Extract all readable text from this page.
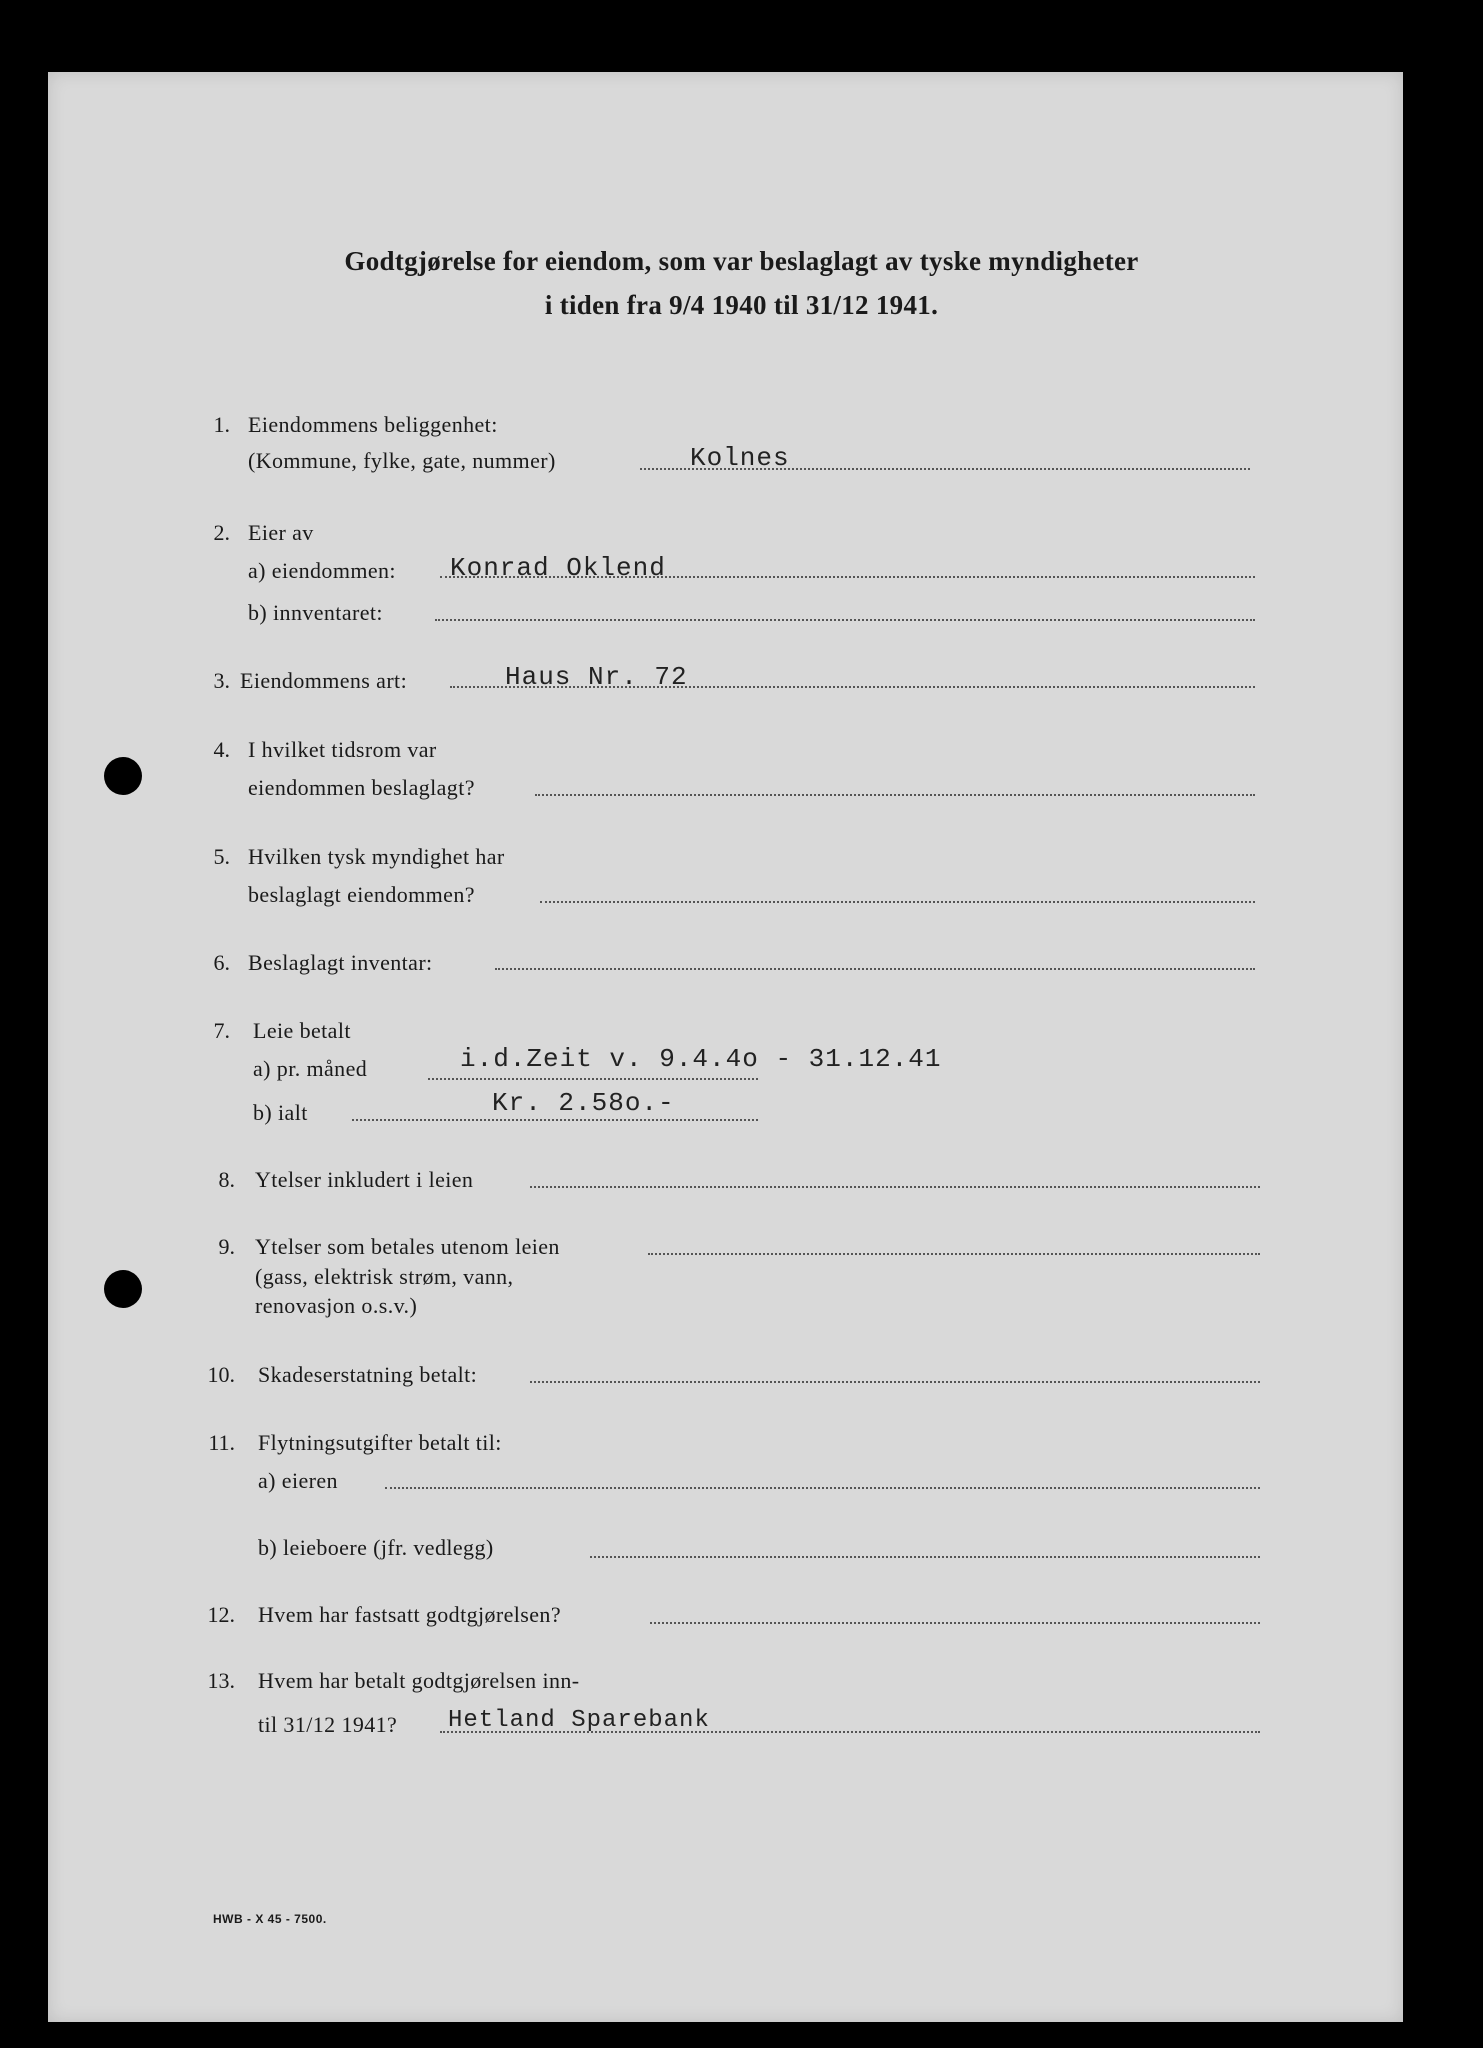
Godtgjørelse for eiendom, som var beslaglagt av tyske myndigheter
i tiden fra 9/4 1940 til 31/12 1941.
1. Eiendommens beliggenhet:
(Kommune, fylke, gate, nummer)	Kolnes
2. Eier av
a) eiendommen: Konrad Oklend
b) innventaret:
3. Eiendommens art:	Haus Nr. 72
4. I hvilket tidsrom var
eiendommen beslaglagt?
5. Hvilken tysk myndighet har
beslaglagt eiendommen?
6. Beslaglagt inventar:
7. Leie betalt
a) pr. måned	i.d.Zeit v. 9.4.4o - 31.12.41
b) ialt	Kr. 2.58o.-
8. Ytelser inkludert i leien
9. Ytelser som betales utenom leien
(gass, elektrisk strøm, vann,
renovasjon o.s.v.)
10. Skadeserstatning betalt:
11. Flytningsutgifter betalt til:
a) eieren
b) leieboere (jfr. vedlegg)
12. Hvem har fastsatt godtgjørelsen?
13. Hvem har betalt godtgjørelsen inn-
til 31/12 1941? Hetland Sparebank
HWB - X 45 - 7500.
